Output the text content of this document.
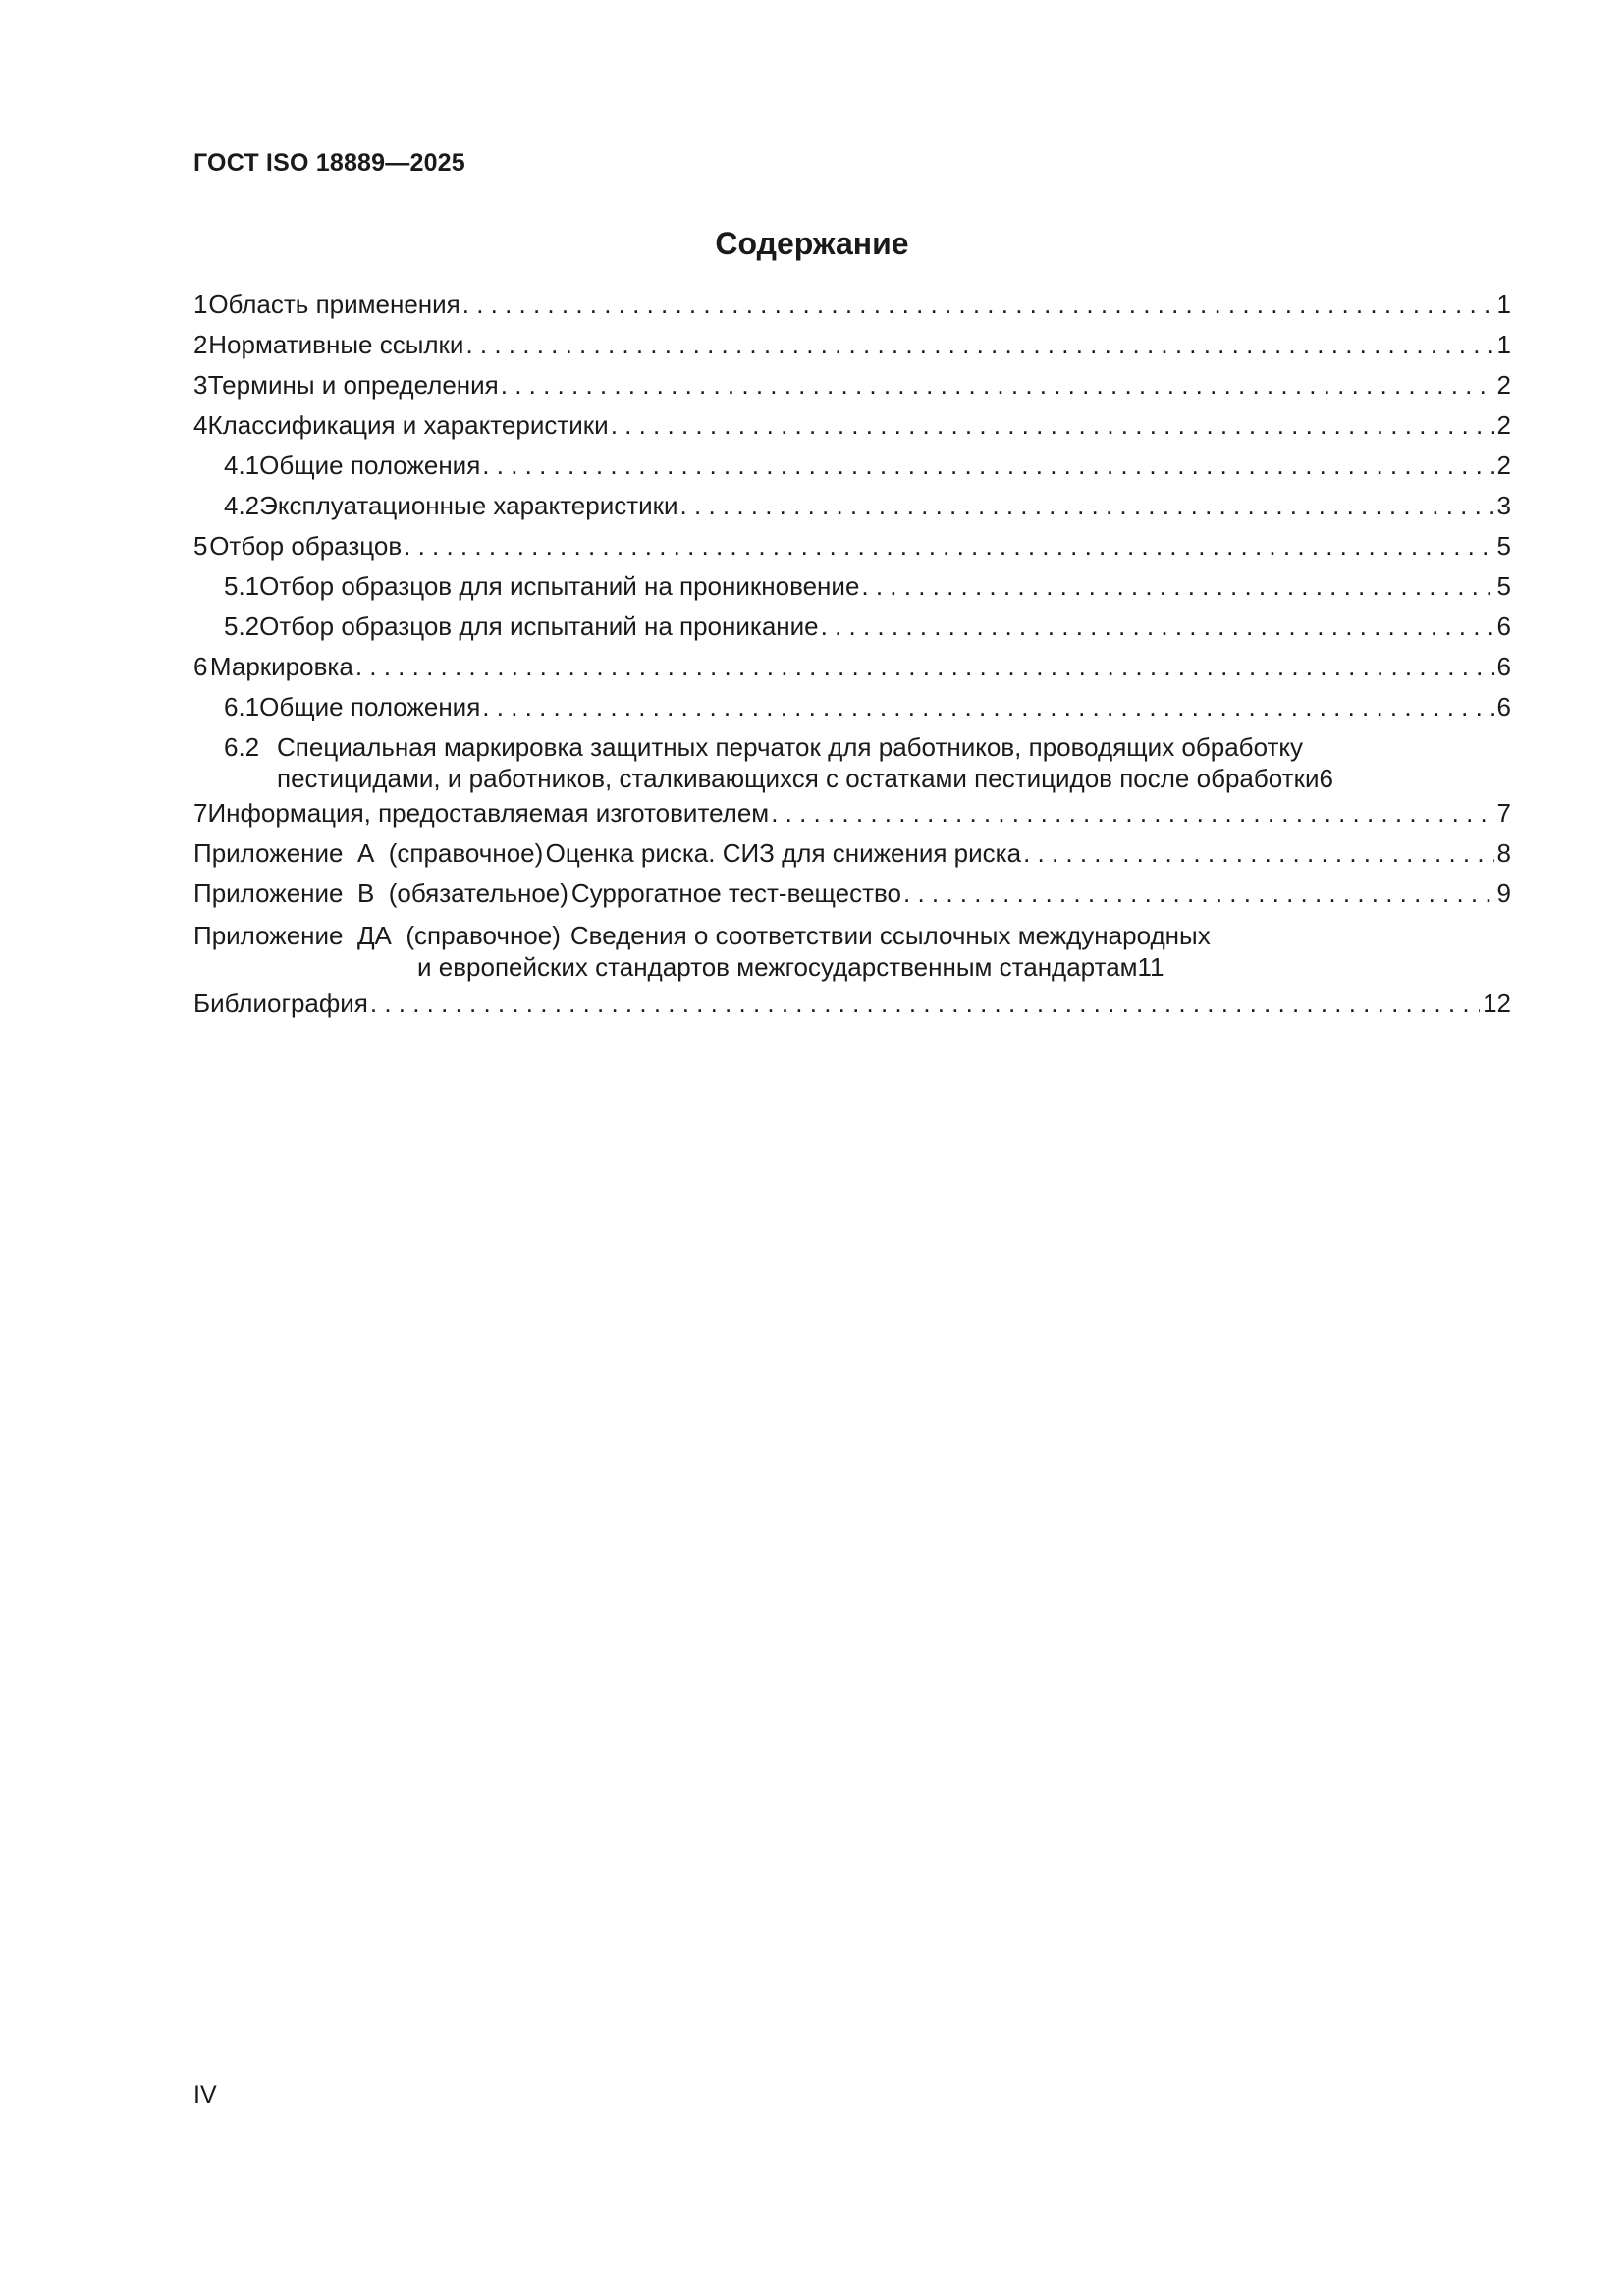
ГОСТ ISO 18889—2025
Содержание
1 Область применения . . .	1
2 Нормативные ссылки . . .	1
3 Термины и определения . . .	2
4 Классификация и характеристики . . .	2
4.1 Общие положения . . .	2
4.2 Эксплуатационные характеристики . . .	3
5 Отбор образцов . . .	5
5.1 Отбор образцов для испытаний на проникновение . . .	5
5.2 Отбор образцов для испытаний на проникание . . .	6
6 Маркировка . . .	6
6.1 Общие положения . . .	6
6.2 Специальная маркировка защитных перчаток для работников, проводящих обработку
пестицидами, и работников, сталкивающихся с остатками пестицидов после обработки 6
7 Информация, предоставляемая изготовителем . . .	7
Приложение  А  (справочное) Оценка риска. СИЗ для снижения риска . . .	8
Приложение  В  (обязательное) Суррогатное тест-вещество . . .	9
Приложение  ДА  (справочное) Сведения о соответствии ссылочных международных
и европейских стандартов межгосударственным стандартам 11
Библиография . . .	12
IV
